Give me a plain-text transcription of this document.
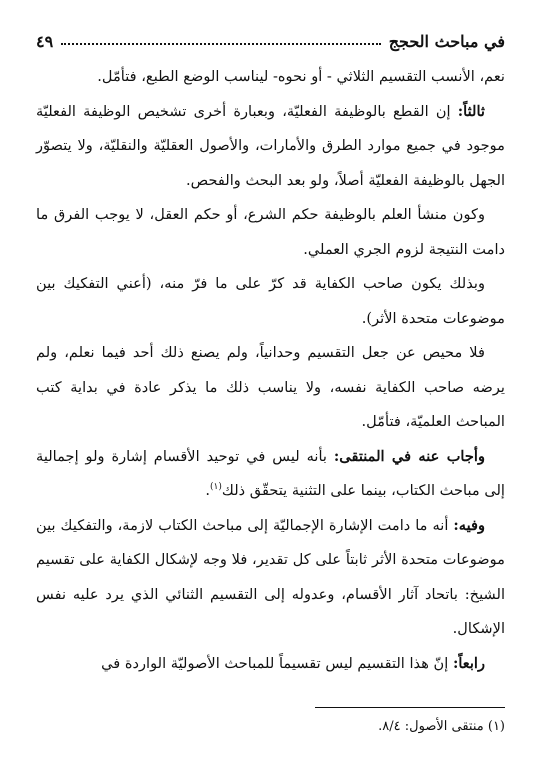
في مباحث الحجج
٤٩

نعم، الأنسب التقسيم الثلاثي - أو نحوه- ليناسب الوضع الطبع، فتأمّل.

ثالثاً: إن القطع بالوظيفة الفعليّة، وبعبارة أخرى تشخيص الوظيفة الفعليّة موجود في جميع موارد الطرق والأمارات، والأصول العقليّة والنقليّة، ولا يتصوّر الجهل بالوظيفة الفعليّة أصلاً، ولو بعد البحث والفحص.

وكون منشأ العلم بالوظيفة حكم الشرع، أو حكم العقل، لا يوجب الفرق ما دامت النتيجة لزوم الجري العملي.

وبذلك يكون صاحب الكفاية قد كرّ على ما فرّ منه، (أعني التفكيك بين موضوعات متحدة الأثر).

فلا محيص عن جعل التقسيم وحدانياً، ولم يصنع ذلك أحد فيما نعلم، ولم يرضه صاحب الكفاية نفسه، ولا يناسب ذلك ما يذكر عادة في بداية كتب المباحث العلميّة، فتأمّل.

وأجاب عنه في المنتقى: بأنه ليس في توحيد الأقسام إشارة ولو إجمالية إلى مباحث الكتاب، بينما على التثنية يتحقّق ذلك$^{(١)}$.

وفيه: أنه ما دامت الإشارة الإجماليّة إلى مباحث الكتاب لازمة، والتفكيك بين موضوعات متحدة الأثر ثابتاً على كل تقدير، فلا وجه لإشكال الكفاية على تقسيم الشيخ: باتحاد آثار الأقسام، وعدوله إلى التقسيم الثنائي الذي يرد عليه نفس الإشكال.

رابعاً: إنّ هذا التقسيم ليس تقسيماً للمباحث الأصوليّة الواردة في

(١) منتقى الأصول: ٨/٤.
